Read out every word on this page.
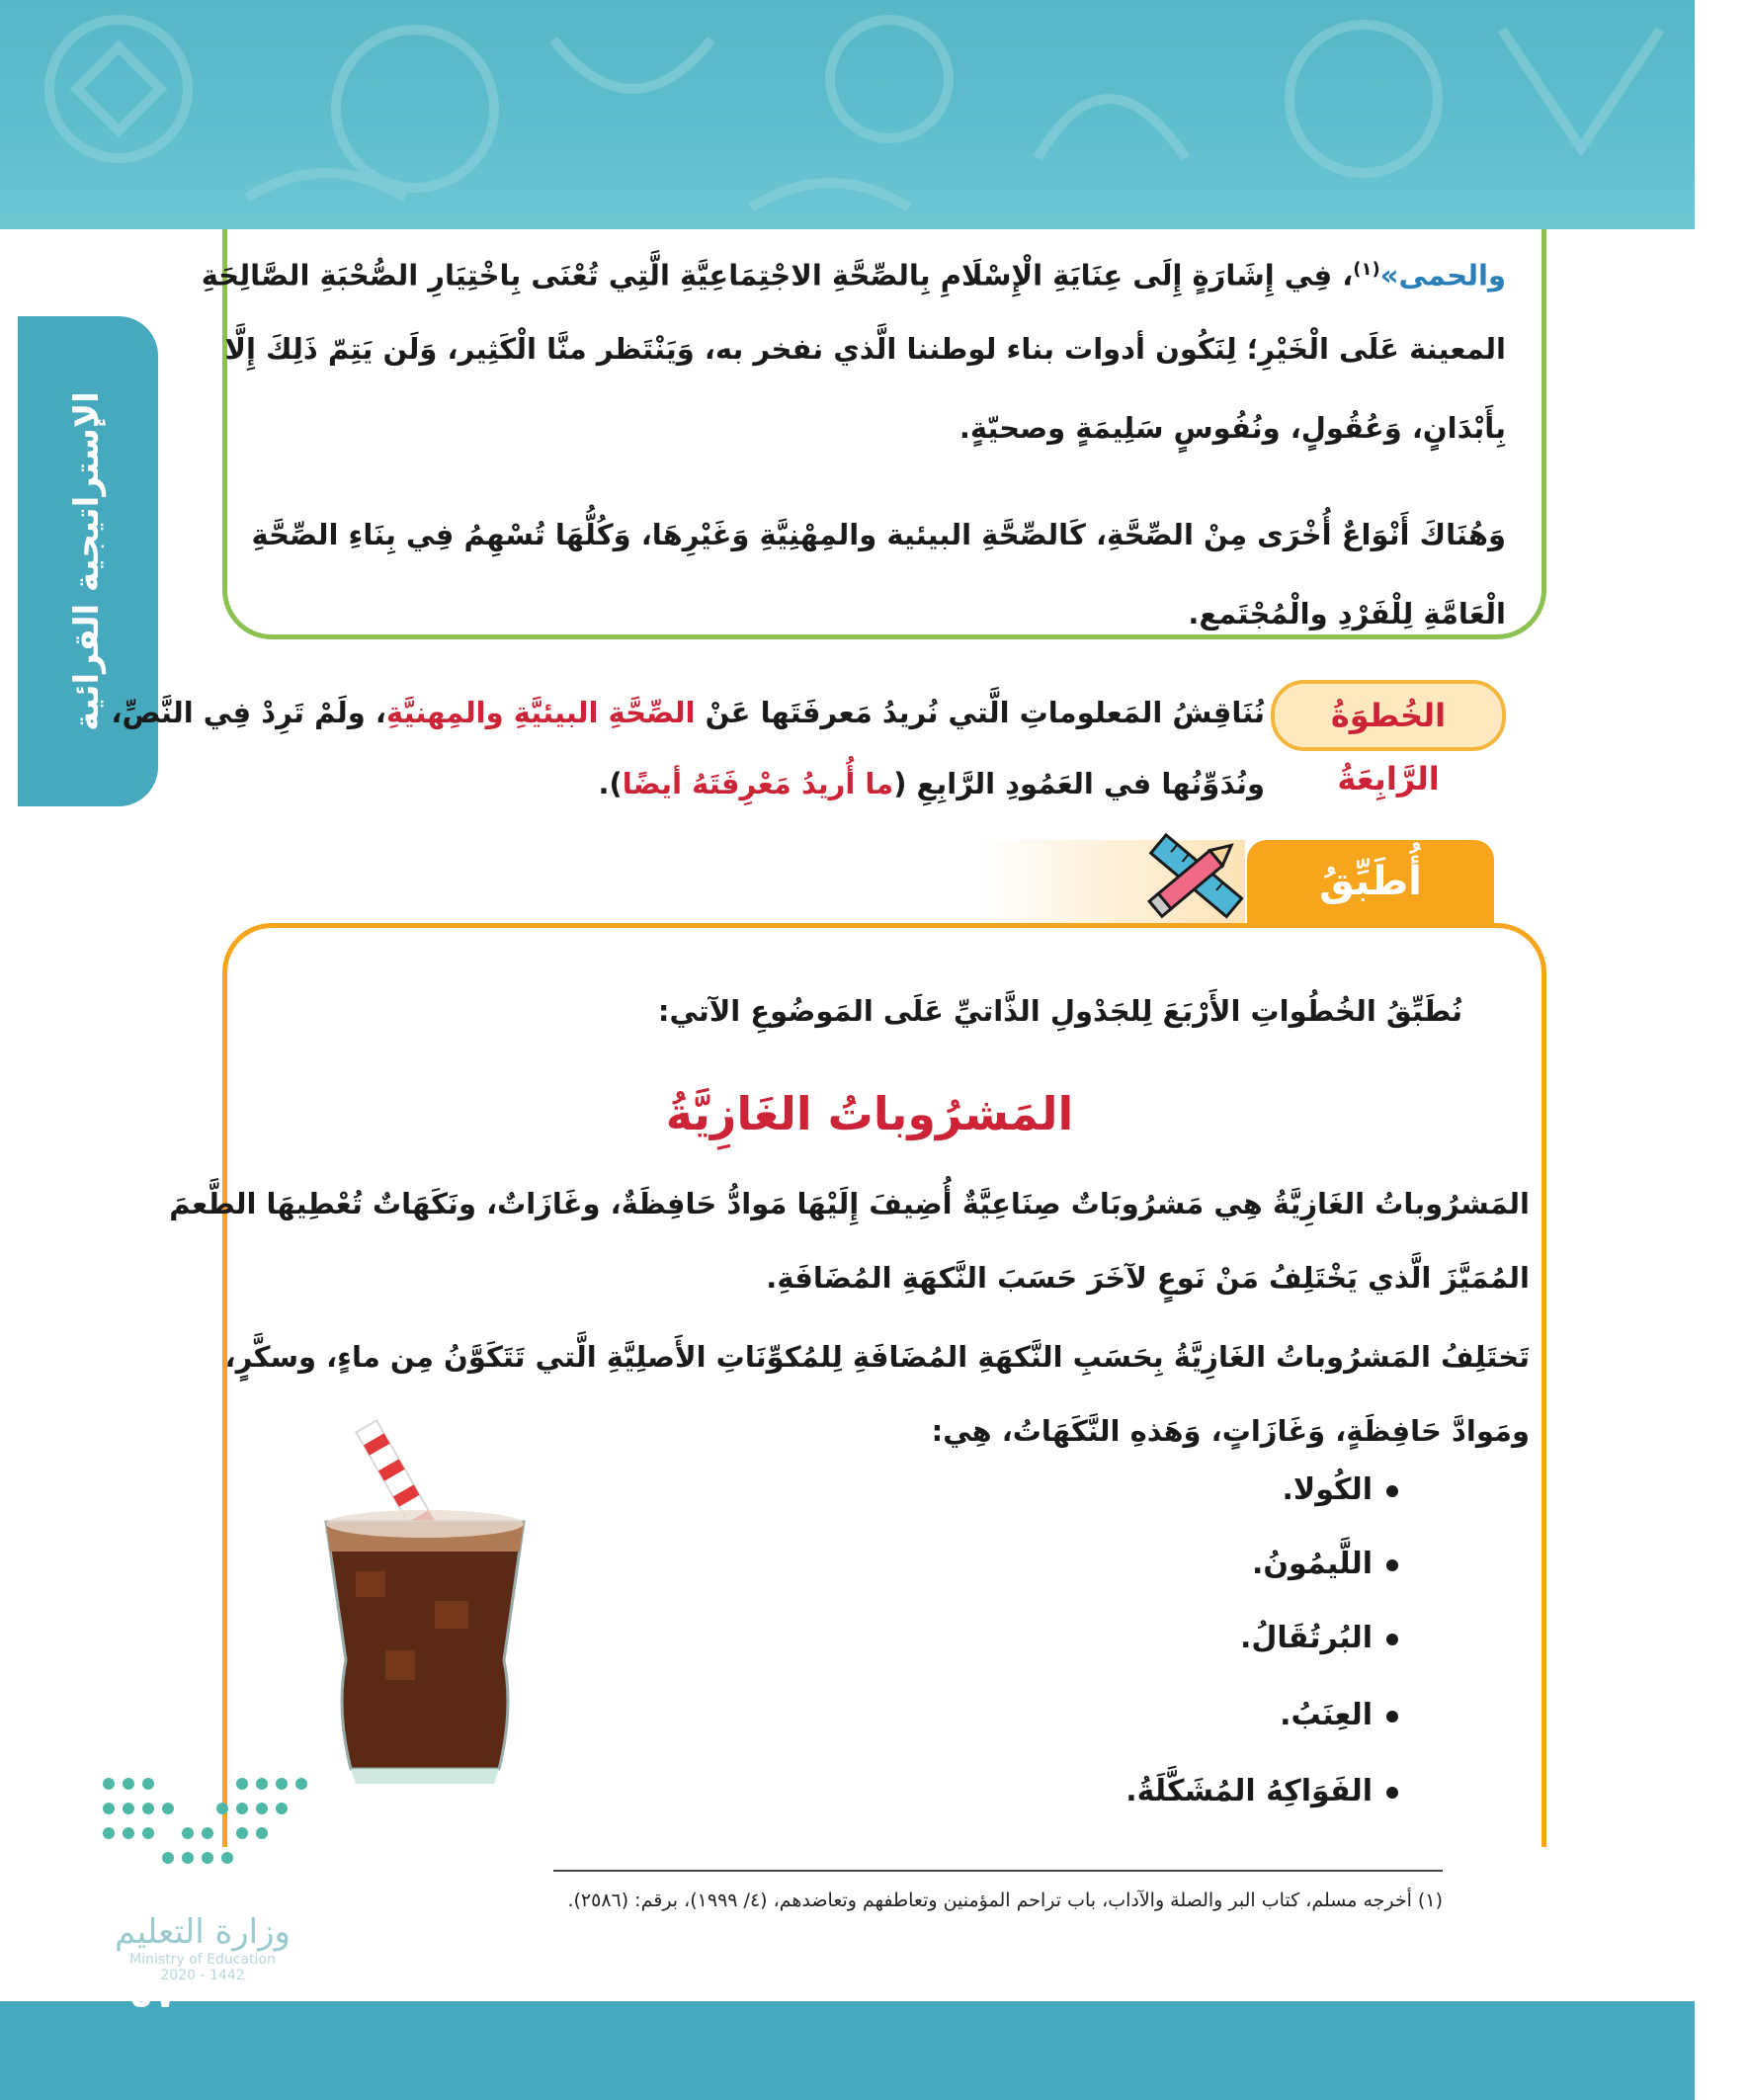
الإستراتيجية القرائية
والحمى»$^{(١)}$، فِي إِشَارَةٍ إِلَى عِنَايَةِ الْإِسْلَامِ بِالصِّحَّةِ الاجْتِمَاعِيَّةِ الَّتِي تُعْنَى بِاخْتِيَارِ الصُّحْبَةِ الصَّالِحَةِ
المعينة عَلَى الْخَيْرِ؛ لِنَكُون أدوات بناء لوطننا الَّذي نفخر به، وَيَنْتَظر منَّا الْكَثِير، وَلَن يَتِمّ ذَلِكَ إِلَّا
بِأَبْدَانٍ، وَعُقُولٍ، ونُفُوسٍ سَلِيمَةٍ وصحيّةٍ.
وَهُنَاكَ أَنْوَاعٌ أُخْرَى مِنْ الصِّحَّةِ، كَالصِّحَّةِ البيئية والمِهْنِيَّةِ وَغَيْرِهَا، وَكُلُّهَا تُسْهِمُ فِي بِنَاءِ الصِّحَّةِ
الْعَامَّةِ لِلْفَرْدِ والْمُجْتَمع.
الخُطوَةُ الرَّابِعَةُ
نُنَاقِشُ المَعلوماتِ الَّتي نُريدُ مَعرفَتَها عَنْ الصِّحَّةِ البيئيَّةِ والمِهنيَّةِ، ولَمْ تَرِدْ فِي النَّصِّ،
ونُدَوِّنُها في العَمُودِ الرَّابِعِ (ما أُريدُ مَعْرِفَتَهُ أيضًا).
أُطَبِّقُ
نُطَبِّقُ الخُطُواتِ الأَرْبَعَ لِلجَدْولِ الذَّاتيِّ عَلَى المَوضُوعِ الآتي:
المَشرُوباتُ الغَازِيَّةُ
المَشرُوباتُ الغَازِيَّةُ هِي مَشرُوبَاتٌ صِنَاعِيَّةٌ أُضِيفَ إِلَيْهَا مَوادُّ حَافِظَةٌ، وغَازَاتٌ، ونَكَهَاتٌ تُعْطِيهَا الطَّعمَ
المُمَيَّزَ الَّذي يَخْتَلِفُ مَنْ نَوعٍ لآخَرَ حَسَبَ النَّكهَةِ المُضَافَةِ.
تَختَلِفُ المَشرُوباتُ الغَازِيَّةُ بِحَسَبِ النَّكهَةِ المُضَافَةِ لِلمُكوِّنَاتِ الأَصلِيَّةِ الَّتي تَتَكَوَّنُ مِن ماءٍ، وسكَّرٍ،
ومَوادَّ حَافِظَةٍ، وَغَازَاتٍ، وَهَذهِ النَّكَهَاتُ، هِي:
الكُولا.
اللَّيمُونُ.
البُرتُقَالُ.
العِنَبُ.
الفَوَاكِهُ المُشَكَّلَةُ.
(١) أخرجه مسلم، كتاب البر والصلة والآداب، باب تراحم المؤمنين وتعاطفهم وتعاضدهم، (٤/ ١٩٩٩)، برقم: (٢٥٨٦).
وزارة التعليم
Ministry of Education
2020 - 1442
٥٧
